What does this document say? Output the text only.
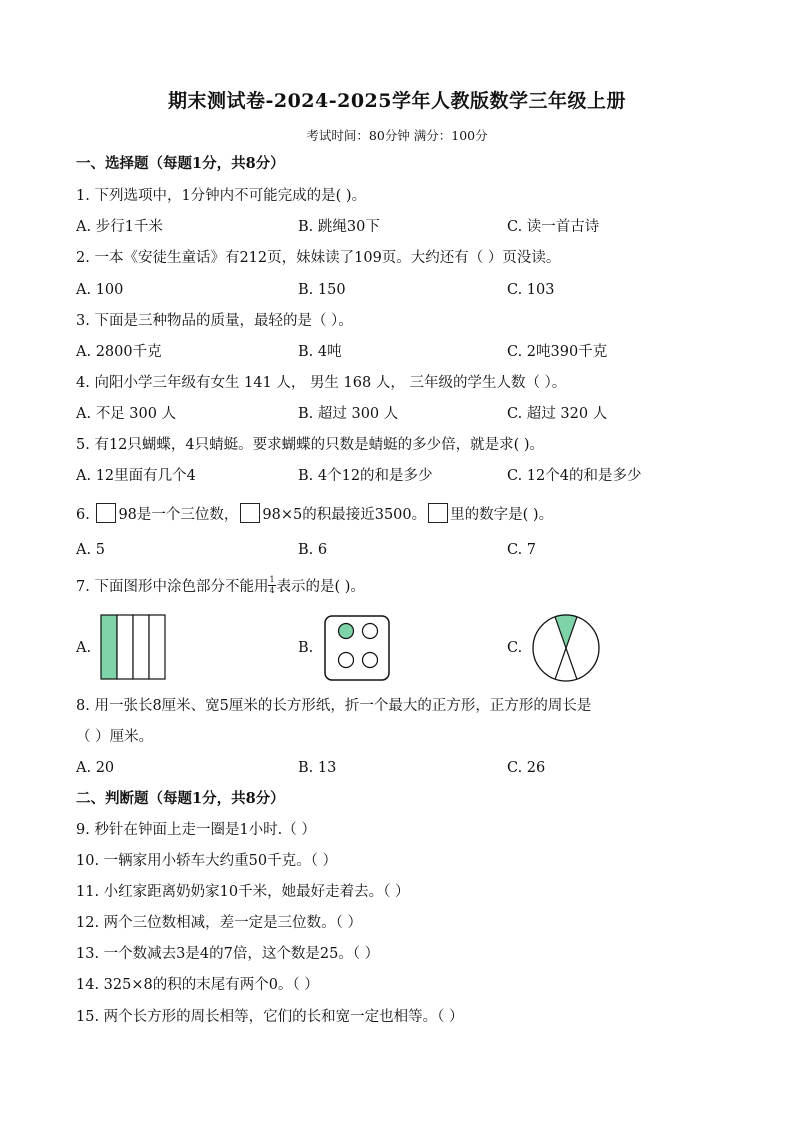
期末测试卷-2024-2025学年人教版数学三年级上册
考试时间：80分钟 满分：100分
一、选择题（每题1分，共8分）
1. 下列选项中，1分钟内不可能完成的是( )。
A. 步行1千米	B. 跳绳30下	C. 读一首古诗
2. 一本《安徒生童话》有212页，妹妹读了109页。大约还有（ ）页没读。
A. 100	B. 150	C. 103
3. 下面是三种物品的质量，最轻的是（ ）。
A. 2800千克	B. 4吨	C. 2吨390千克
4. 向阳小学三年级有女生 141 人， 男生 168 人， 三年级的学生人数（ ）。
A. 不足 300 人	B. 超过 300 人	C. 超过 320 人
5. 有12只蝴蝶，4只蜻蜓。要求蝴蝶的只数是蜻蜓的多少倍，就是求( )。
A. 12里面有几个4	B. 4个12的和是多少	C. 12个4的和是多少
6. 98是一个三位数， 98×5的积最接近3500。 里的数字是( )。
A. 5	B. 6	C. 7
7. 下面图形中涂色部分不能用 $\frac{1}{4}$ 表示的是( )。
A.	B.	C.
8. 用一张长8厘米、宽5厘米的长方形纸，折一个最大的正方形，正方形的周长是
（ ）厘米。
A. 20	B. 13	C. 26
二、判断题（每题1分，共8分）
9. 秒针在钟面上走一圈是1小时.（ ）
10. 一辆家用小轿车大约重50千克。（ ）
11. 小红家距离奶奶家10千米，她最好走着去。（ ）
12. 两个三位数相减，差一定是三位数。（ ）
13. 一个数减去3是4的7倍，这个数是25。（ ）
14. 325×8的积的末尾有两个0。（ ）
15. 两个长方形的周长相等，它们的长和宽一定也相等。（ ）
